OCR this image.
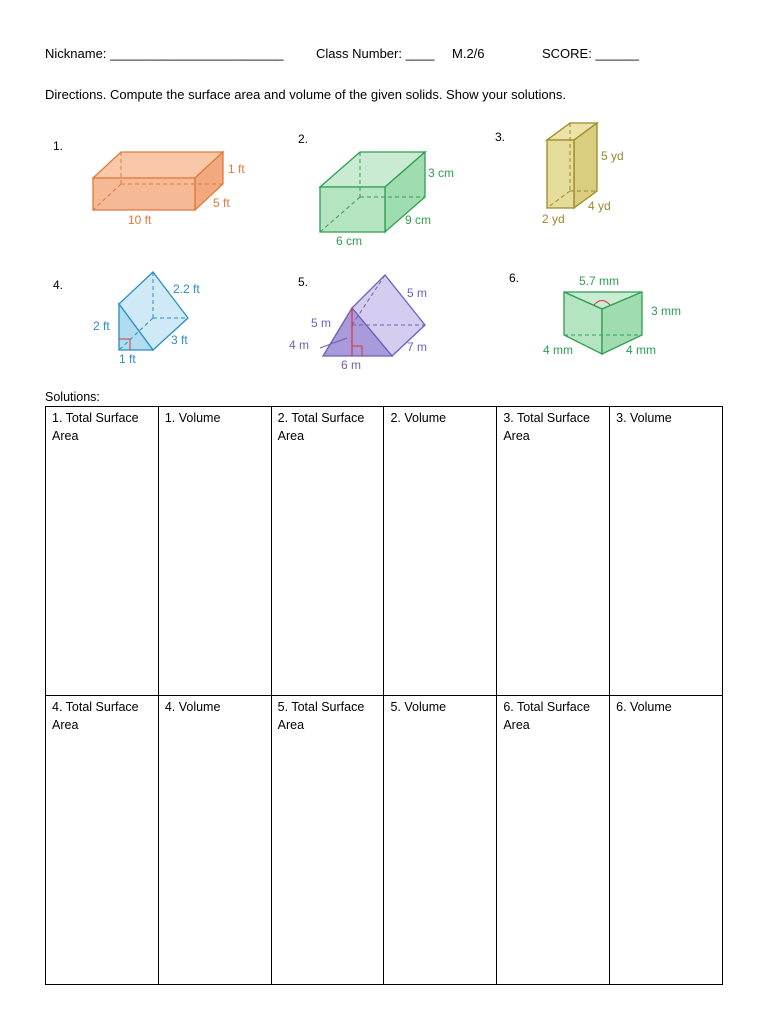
Nickname: ________________________ Class Number: ____ M.2/6	SCORE: ______
Directions. Compute the surface area and volume of the given solids. Show your solutions.
1.
1 ft
5 ft
10 ft
2.
3 cm
9 cm
6 cm
3.
5 yd
4 yd
2 yd
4.	2.2 ft
2 ft
3 ft
1 ft
5.
5 m
5 m
4 m	7 m
6 m
6.	5.7 mm
3 mm
4 mm	4 mm
Solutions:
1. Total Surface Area	1. Volume	2. Total Surface Area	2. Volume	3. Total Surface Area	3. Volume
4. Total Surface Area	4. Volume	5. Total Surface Area	5. Volume	6. Total Surface Area	6. Volume
